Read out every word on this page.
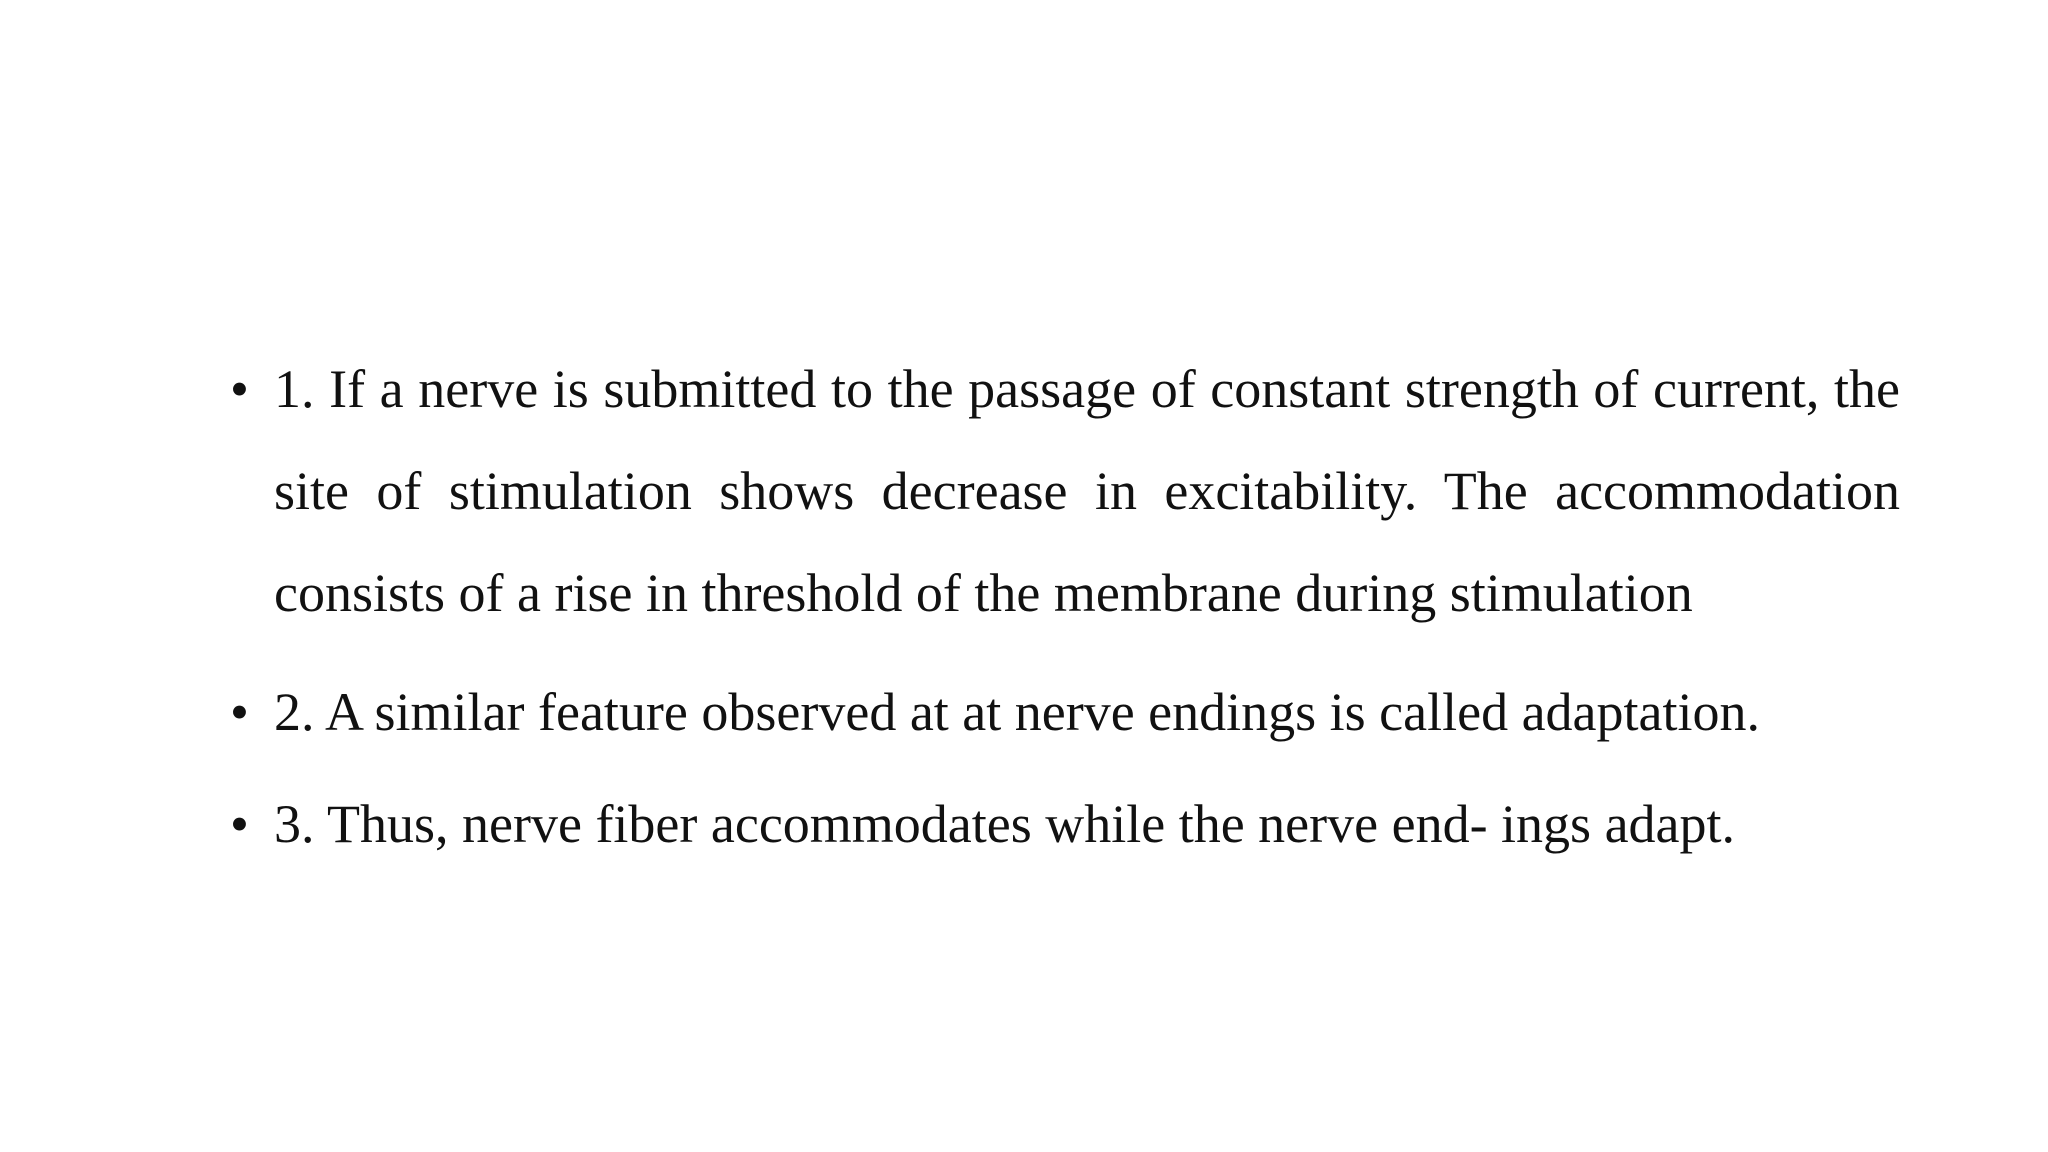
• 1. If a nerve is submitted to the passage of constant strength of current, the site of stimulation shows decrease in excitability. The accommodation consists of a rise in threshold of the membrane during stimulation
• 2. A similar feature observed at at nerve endings is called adaptation.
• 3. Thus, nerve fiber accommodates while the nerve end- ings adapt.
